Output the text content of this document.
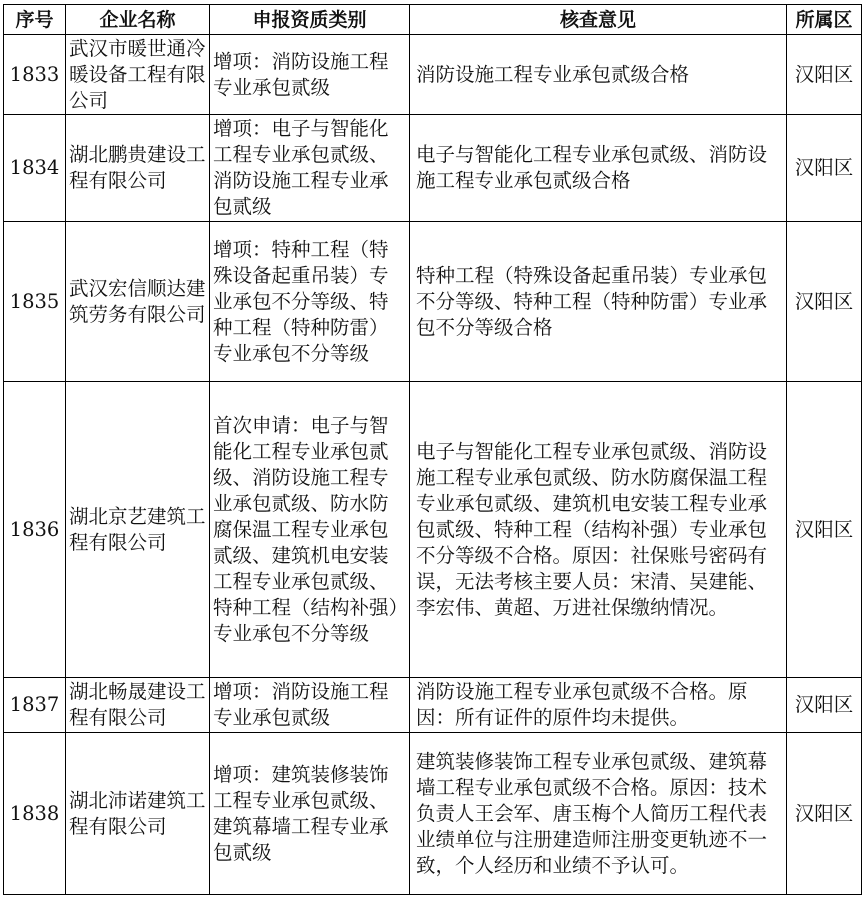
序号	企业名称	申报资质类别	核查意见	所属区
1833	武汉市暖世通冷暖设备工程有限公司	增项：消防设施工程专业承包贰级	消防设施工程专业承包贰级合格	汉阳区
1834	湖北鹏贵建设工程有限公司	增项：电子与智能化工程专业承包贰级、消防设施工程专业承包贰级	电子与智能化工程专业承包贰级、消防设施工程专业承包贰级合格	汉阳区
1835	武汉宏信顺达建筑劳务有限公司	增项：特种工程（特殊设备起重吊装）专业承包不分等级、特种工程（特种防雷）专业承包不分等级	特种工程（特殊设备起重吊装）专业承包不分等级、特种工程（特种防雷）专业承包不分等级合格	汉阳区
1836	湖北京艺建筑工程有限公司	首次申请：电子与智能化工程专业承包贰级、消防设施工程专业承包贰级、防水防腐保温工程专业承包贰级、建筑机电安装工程专业承包贰级、特种工程（结构补强）专业承包不分等级	电子与智能化工程专业承包贰级、消防设施工程专业承包贰级、防水防腐保温工程专业承包贰级、建筑机电安装工程专业承包贰级、特种工程（结构补强）专业承包不分等级不合格。原因：社保账号密码有误，无法考核主要人员：宋清、吴建能、李宏伟、黄超、万进社保缴纳情况。	汉阳区
1837	湖北畅晟建设工程有限公司	增项：消防设施工程专业承包贰级	消防设施工程专业承包贰级不合格。原因：所有证件的原件均未提供。	汉阳区
1838	湖北沛诺建筑工程有限公司	增项：建筑装修装饰工程专业承包贰级、建筑幕墙工程专业承包贰级	建筑装修装饰工程专业承包贰级、建筑幕墙工程专业承包贰级不合格。原因：技术负责人王会军、唐玉梅个人简历工程代表业绩单位与注册建造师注册变更轨迹不一致，个人经历和业绩不予认可。	汉阳区
